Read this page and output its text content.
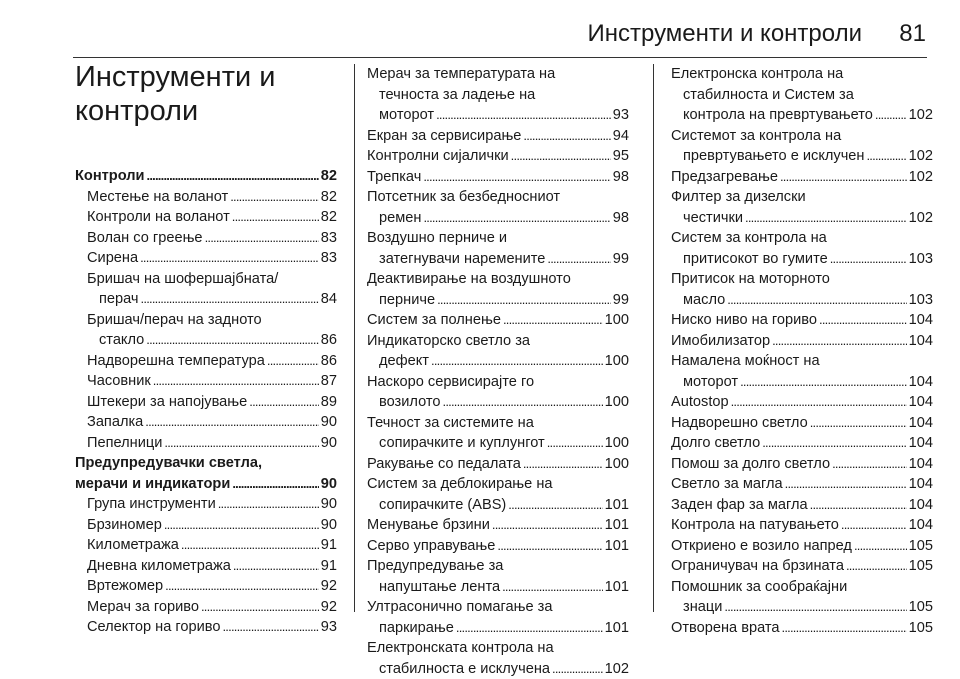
Инструменти и контроли 81
Инструменти и
контроли
Контроли . . .	82
Местење на воланот . . .	82
Контроли на воланот . . .	82
Волан со греење . . .	83
Сирена . . .	83
Бришач на шофершајбната/
перач . . .	84
Бришач/перач на задното
стакло . . .	86
Надворешна температура . . .	86
Часовник . . .	87
Штекери за напојување . . .	89
Запалка . . .	90
Пепелници . . .	90
Предупредувачки светла,
мерачи и индикатори . . .	90
Група инструменти . . .	90
Брзиномер . . .	90
Километража . . .	91
Дневна километража . . .	91
Вртежомер . . .	92
Мерач за гориво . . .	92
Селектор на гориво . . .	93
Мерач за температурата на
течноста за ладење на
моторот . . .	93
Екран за сервисирање . . .	94
Контролни сијалички . . .	95
Трепкач . . .	98
Потсетник за безбедносниот
ремен . . .	98
Воздушно перниче и
затегнувачи наремените . . .	99
Деактивирање на воздушното
перниче . . .	99
Систем за полнење . . .	100
Индикаторско светло за
дефект . . .	100
Наскоро сервисирајте го
возилото . . .	100
Течност за системите на
сопирачките и куплунгот . . .	100
Ракување со педалата . . .	100
Систем за деблокирање на
сопирачките (ABS) . . .	101
Менување брзини . . .	101
Серво управување . . .	101
Предупредување за
напуштање лента . . .	101
Ултрасонично помагање за
паркирање . . .	101
Електронската контрола на
стабилноста е исклучена . . .	102
Електронска контрола на
стабилноста и Систем за
контрола на превртувањето . . . 102
Системот за контрола на
превртувањето е исклучен . . .	102
Предзагревање . . .	102
Филтер за дизелски
честички . . .	102
Систем за контрола на
притисокот во гумите . . .	103
Притисок на моторното
масло . . .	103
Ниско ниво на гориво . . .	104
Имобилизатор . . .	104
Намалена моќност на
моторот . . .	104
Autostop . . .	104
Надворешно светло . . .	104
Долго светло . . .	104
Помош за долго светло . . .	104
Светло за магла . . .	104
Заден фар за магла . . .	104
Контрола на патувањето . . .	104
Откриено е возило напред . . .	105
Ограничувач на брзината . . .	105
Помошник за сообраќајни
знаци . . .	105
Отворена врата . . .	105
